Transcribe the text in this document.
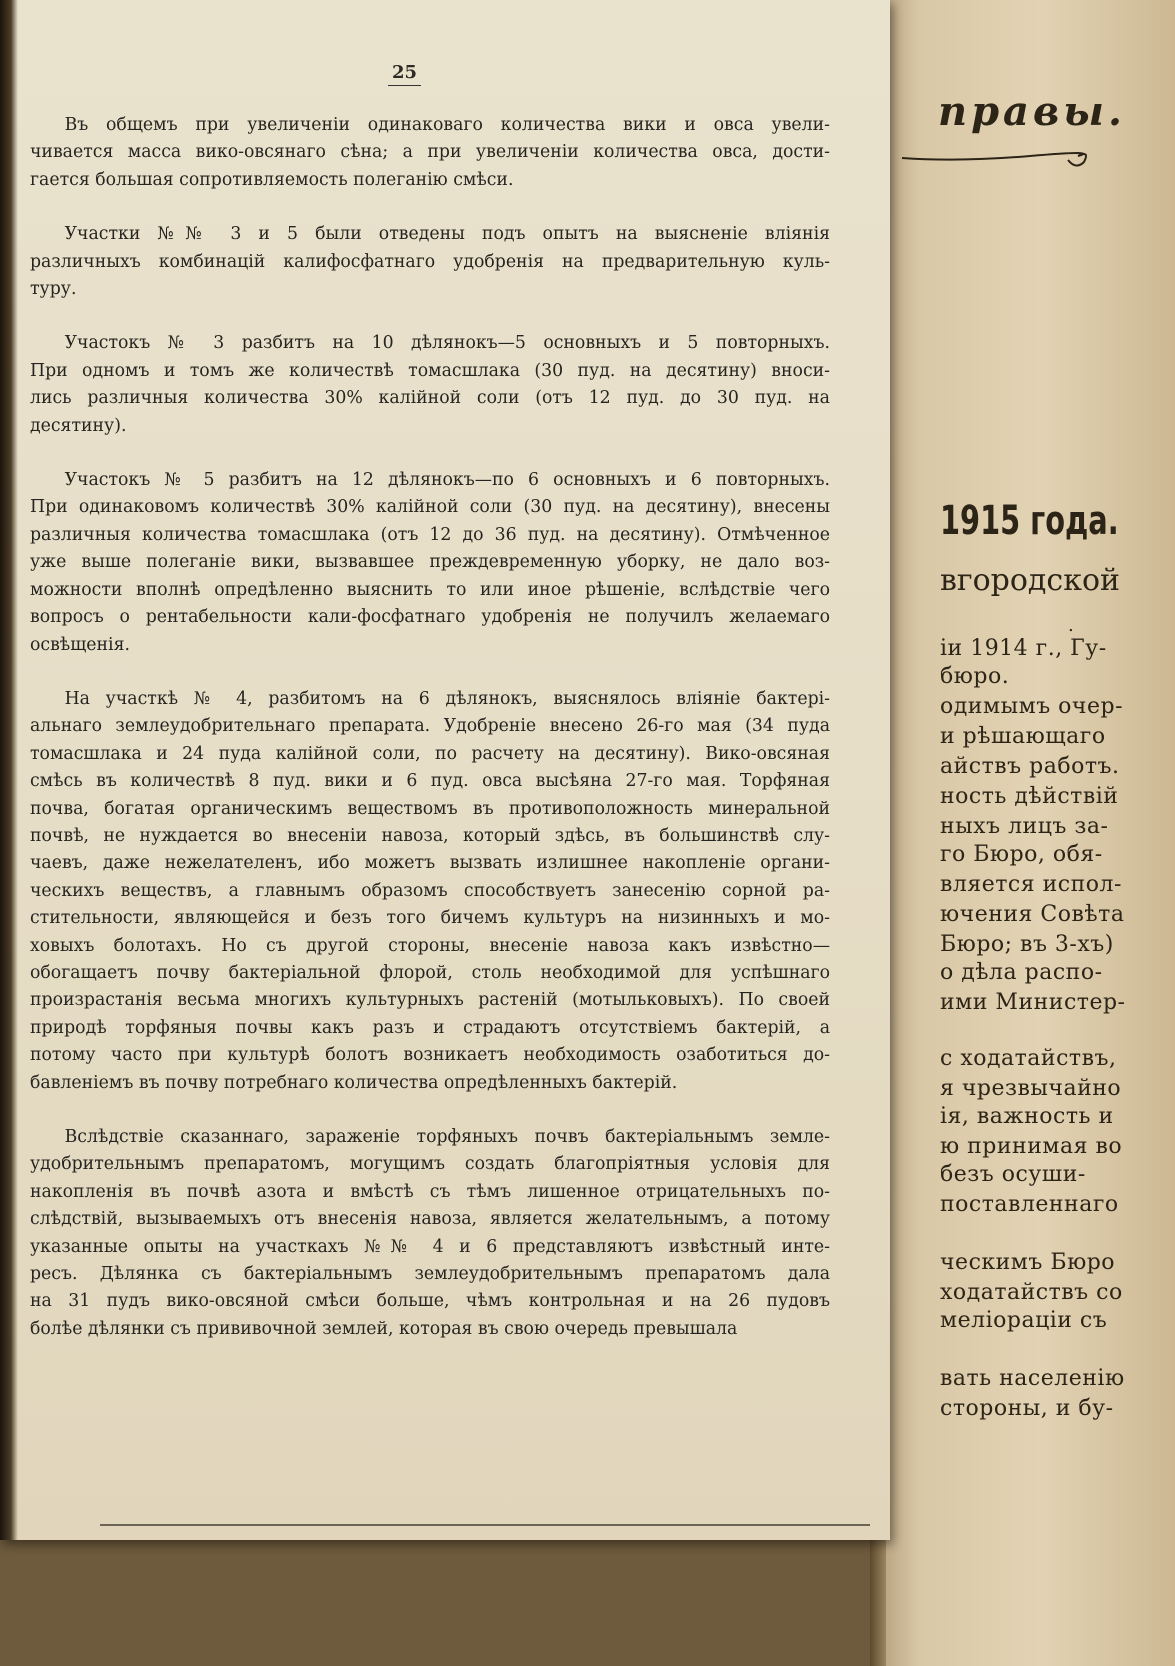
правы.

1915 года.

вгородской

.

iи 1914 г., Гу-

бюро.

одимымъ очер-

и рѣшающаго

айствъ работъ.

ность дѣйствiй

ныхъ лицъ за-

го Бюро, обя-

вляется испол-

ючения Совѣта

Бюро; въ 3-хъ)

о дѣла распо-

ими Министер-

с ходатайствъ,

я чрезвычайно

iя, важность и

ю принимая во

безъ осуши-

поставленнаго

ческимъ Бюро

ходатайствъ со

мелiорацiи съ

вать населенiю

стороны, и бу-

25

  Въ общемъ при увеличенiи одинаковаго количества вики и овса увели-
чивается масса вико-овсянаго сѣна; а при увеличенiи количества овса, дости-
гается большая сопротивляемость полеганiю смѣси.

  Участки №№ 3 и 5 были отведены подъ опытъ на выясненiе влiянiя
различныхъ комбинацiй калифосфатнаго удобренiя на предварительную куль-
туру.

  Участокъ № 3 разбитъ на 10 дѣлянокъ—5 основныхъ и 5 повторныхъ.
При одномъ и томъ же количествѣ томасшлака (30 пуд. на десятину) вноси-
лись различныя количества 30% калiйной соли (отъ 12 пуд. до 30 пуд. на
десятину).

  Участокъ № 5 разбитъ на 12 дѣлянокъ—по 6 основныхъ и 6 повторныхъ.
При одинаковомъ количествѣ 30% калiйной соли (30 пуд. на десятину), внесены
различныя количества томасшлака (отъ 12 до 36 пуд. на десятину). Отмѣченное
уже выше полеганiе вики, вызвавшее преждевременную уборку, не дало воз-
можности вполнѣ опредѣленно выяснить то или иное рѣшенiе, вслѣдствiе чего
вопросъ о рентабельности кали-фосфатнаго удобренiя не получилъ желаемаго
освѣщенiя.

  На участкѣ № 4, разбитомъ на 6 дѣлянокъ, выяснялось влiянiе бактерi-
альнаго землеудобрительнаго препарата. Удобренiе внесено 26-го мая (34 пуда
томасшлака и 24 пуда калiйной соли, по расчету на десятину). Вико-овсяная
смѣсь въ количествѣ 8 пуд. вики и 6 пуд. овса высѣяна 27-го мая. Торфяная
почва, богатая органическимъ веществомъ въ противоположность минеральной
почвѣ, не нуждается во внесенiи навоза, который здѣсь, въ большинствѣ слу-
чаевъ, даже нежелателенъ, ибо можетъ вызвать излишнее накопленiе органи-
ческихъ веществъ, а главнымъ образомъ способствуетъ занесенiю сорной ра-
стительности, являющейся и безъ того бичемъ культуръ на низинныхъ и мо-
ховыхъ болотахъ. Но съ другой стороны, внесенiе навоза какъ извѣстно—
обогащаетъ почву бактерiальной флорой, столь необходимой для успѣшнаго
произрастанiя весьма многихъ культурныхъ растенiй (мотыльковыхъ). По своей
природѣ торфяныя почвы какъ разъ и страдаютъ отсутствiемъ бактерiй, а
потому часто при культурѣ болотъ возникаетъ необходимость озаботиться до-
бавленiемъ въ почву потребнаго количества опредѣленныхъ бактерiй.

  Вслѣдствiе сказаннаго, зараженiе торфяныхъ почвъ бактерiальнымъ земле-
удобрительнымъ препаратомъ, могущимъ создать благопрiятныя условiя для
накопленiя въ почвѣ азота и вмѣстѣ съ тѣмъ лишенное отрицательныхъ по-
слѣдствiй, вызываемыхъ отъ внесенiя навоза, является желательнымъ, а потому
указанные опыты на участкахъ №№ 4 и 6 представляютъ извѣстный инте-
ресъ. Дѣлянка съ бактерiальнымъ землеудобрительнымъ препаратомъ дала
на 31 пудъ вико-овсяной смѣси больше, чѣмъ контрольная и на 26 пудовъ
болѣе дѣлянки съ прививочной землей, которая въ свою очередь превышала
